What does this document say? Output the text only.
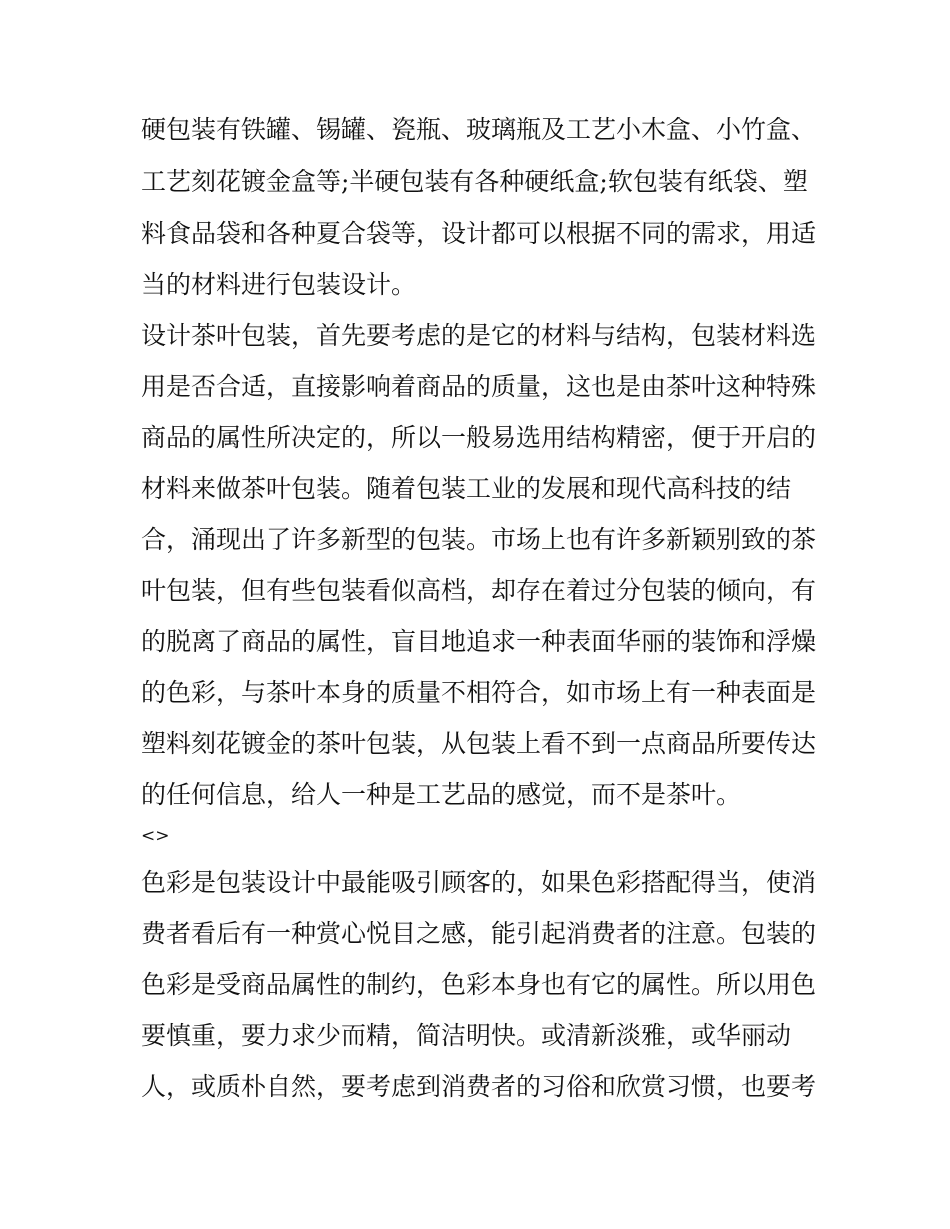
硬包装有铁罐、锡罐、瓷瓶、玻璃瓶及工艺小木盒、小竹盒、
工艺刻花镀金盒等;半硬包装有各种硬纸盒;软包装有纸袋、塑
料食品袋和各种夏合袋等，设计都可以根据不同的需求，用适
当的材料进行包装设计。
设计茶叶包装，首先要考虑的是它的材料与结构，包装材料选
用是否合适，直接影响着商品的质量，这也是由茶叶这种特殊
商品的属性所决定的，所以一般易选用结构精密，便于开启的
材料来做茶叶包装。随着包装工业的发展和现代高科技的结
合，涌现出了许多新型的包装。市场上也有许多新颖别致的茶
叶包装，但有些包装看似高档，却存在着过分包装的倾向，有
的脱离了商品的属性，盲目地追求一种表面华丽的装饰和浮燥
的色彩，与茶叶本身的质量不相符合，如市场上有一种表面是
塑料刻花镀金的茶叶包装，从包装上看不到一点商品所要传达
的任何信息，给人一种是工艺品的感觉，而不是茶叶。
<>
色彩是包装设计中最能吸引顾客的，如果色彩搭配得当，使消
费者看后有一种赏心悦目之感，能引起消费者的注意。包装的
色彩是受商品属性的制约，色彩本身也有它的属性。所以用色
要慎重，要力求少而精，简洁明快。或清新淡雅，或华丽动
人，或质朴自然，要考虑到消费者的习俗和欣赏习惯，也要考
